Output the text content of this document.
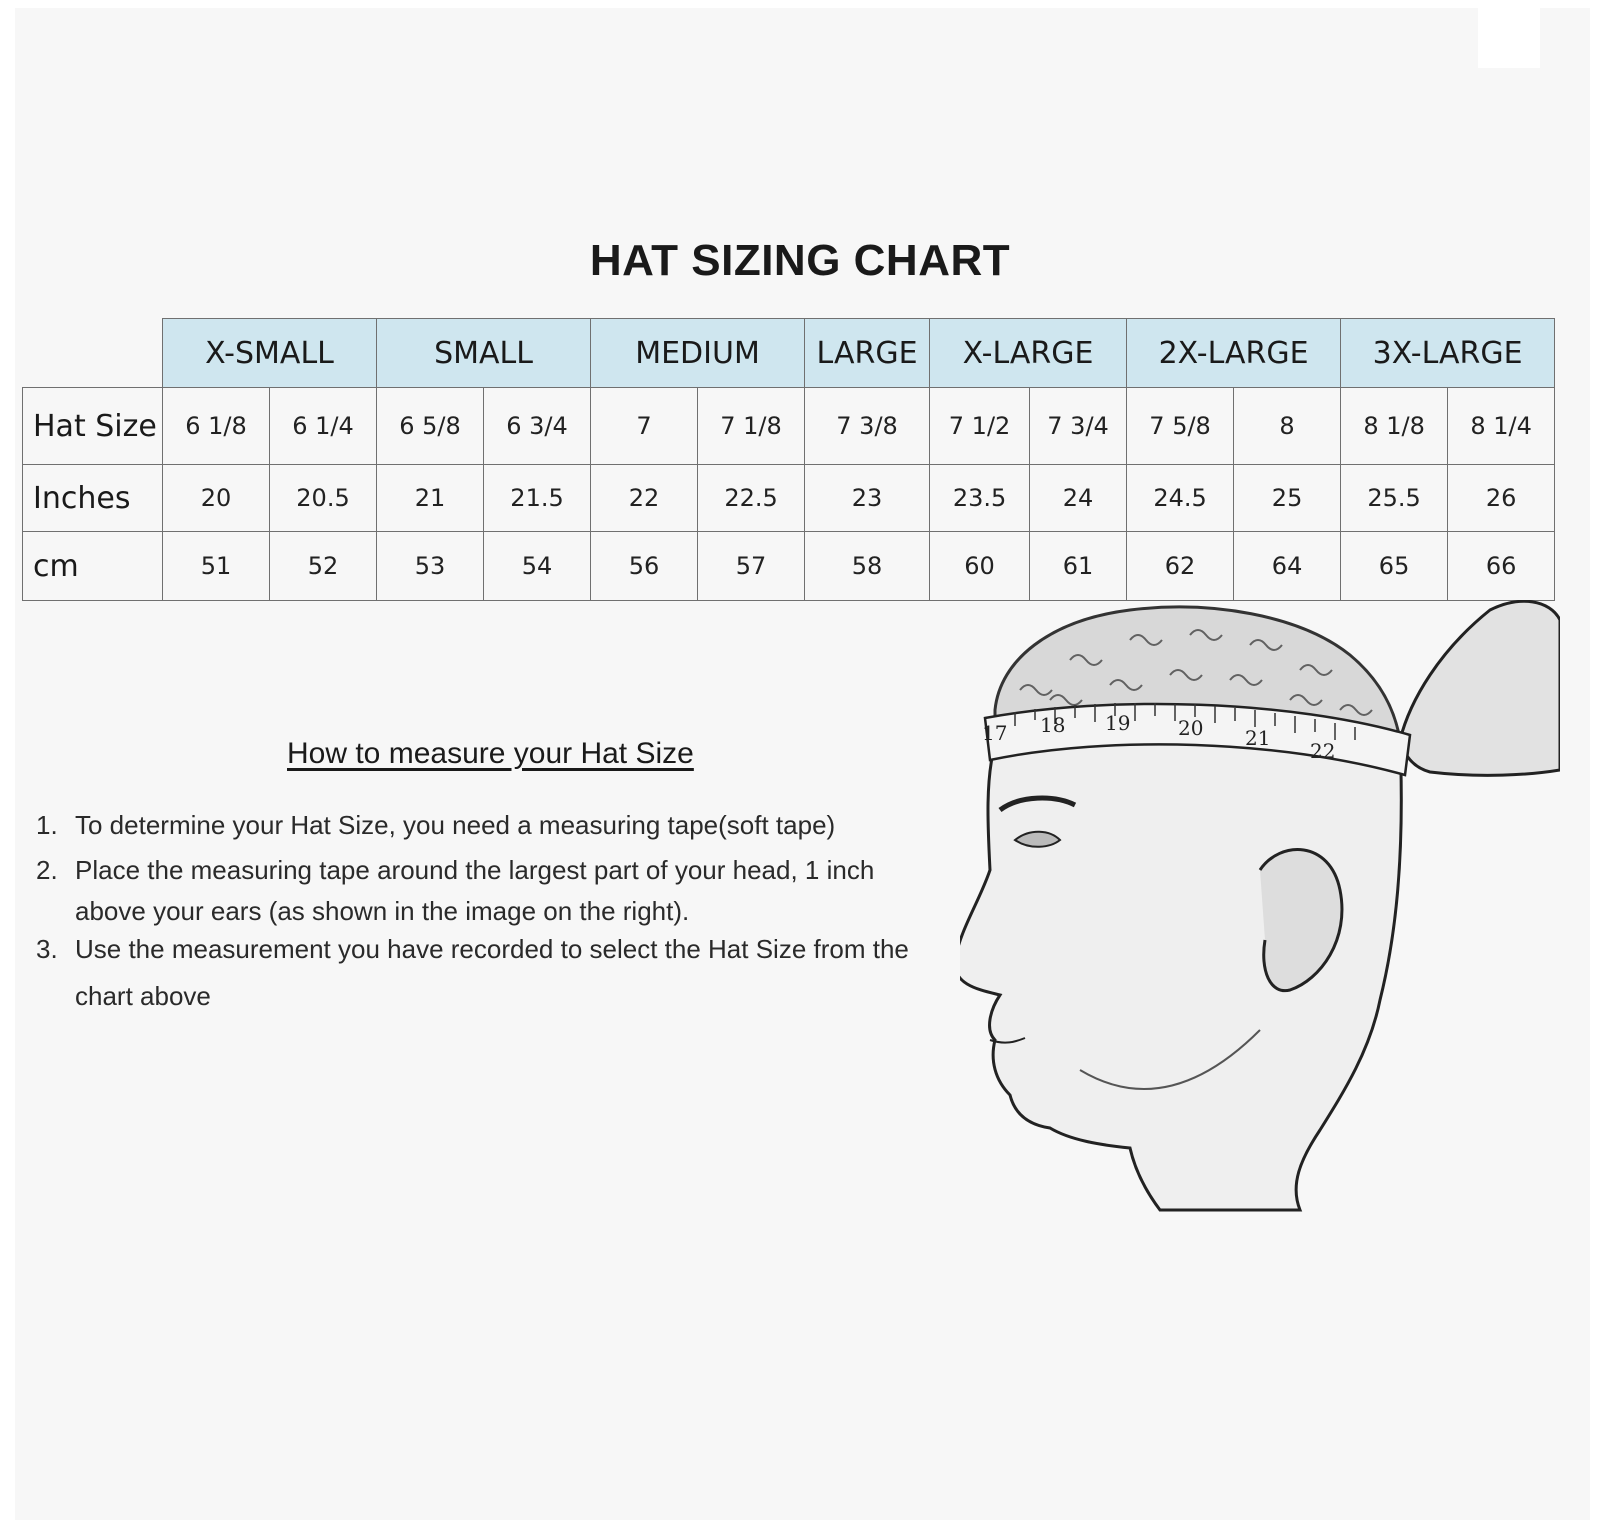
HAT SIZING CHART
	X-SMALL		SMALL		MEDIUM		LARGE	X-LARGE		2X-LARGE		3X-LARGE	
Hat Size	6 1/8	6 1/4	6 5/8	6 3/4	7	7 1/8	7 3/8	7 1/2	7 3/4	7 5/8	8	8 1/8	8 1/4
Inches	20	20.5	21	21.5	22	22.5	23	23.5	24	24.5	25	25.5	26
cm	51	52	53	54	56	57	58	60	61	62	64	65	66
How to measure your Hat Size
1. To determine your Hat Size, you need a measuring tape(soft tape)
2. Place the measuring tape around the largest part of your head, 1 inch
above your ears (as shown in the image on the right).
3. Use the measurement you have recorded to select the Hat Size from the
chart above
17 18 19 20 21
22
